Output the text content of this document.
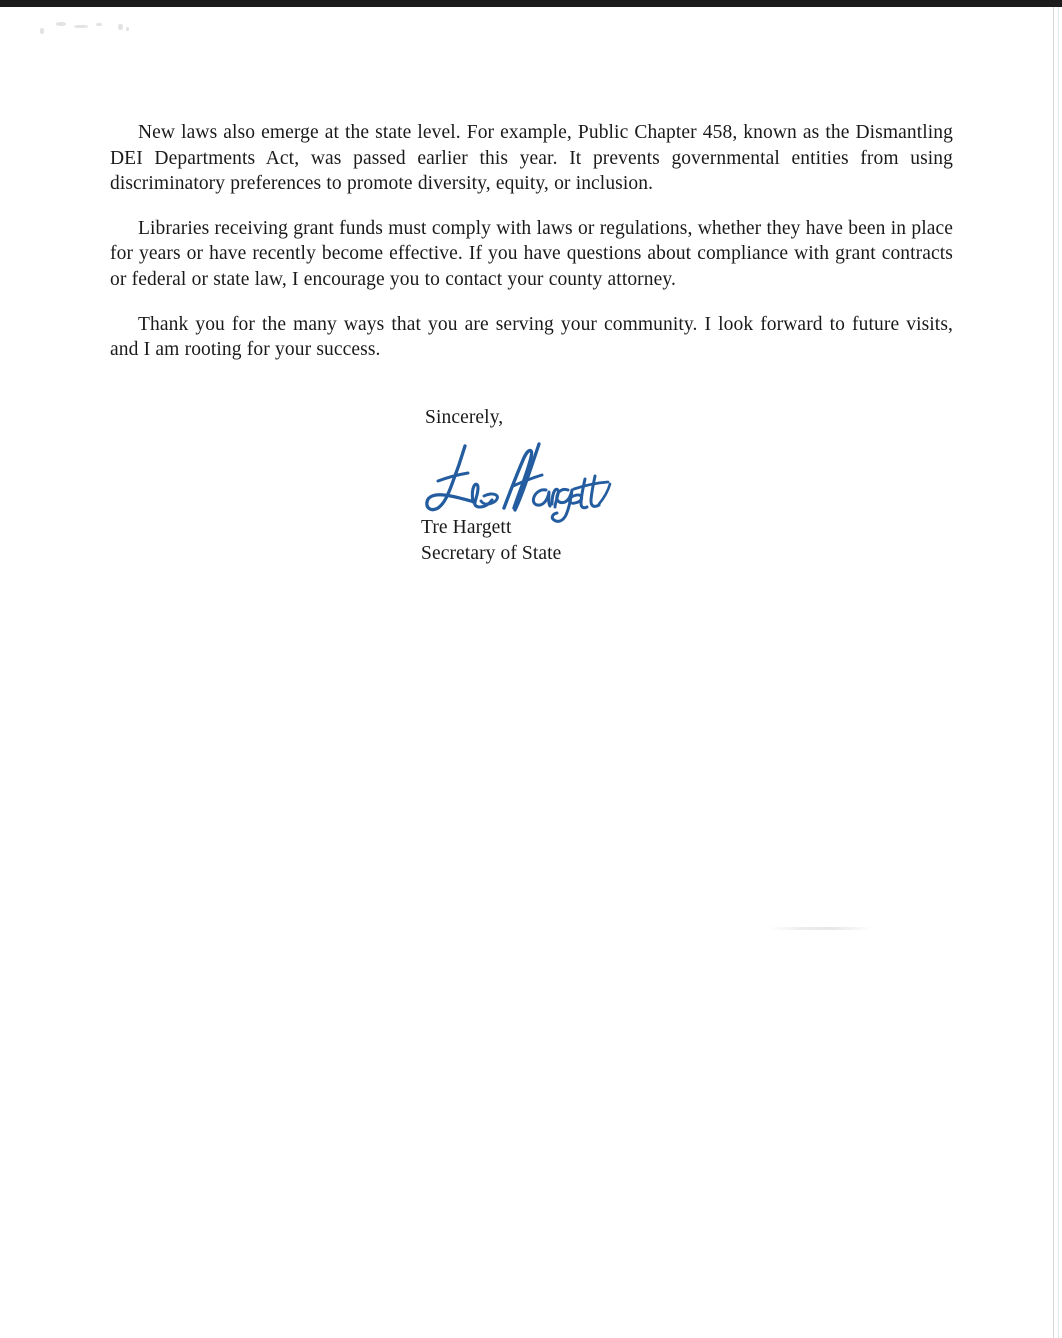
New laws also emerge at the state level. For example, Public Chapter 458, known as the Dismantling DEI Departments Act, was passed earlier this year. It prevents governmental entities from using discriminatory preferences to promote diversity, equity, or inclusion.

Libraries receiving grant funds must comply with laws or regulations, whether they have been in place for years or have recently become effective. If you have questions about compliance with grant contracts or federal or state law, I encourage you to contact your county attorney.

Thank you for the many ways that you are serving your community. I look forward to future visits, and I am rooting for your success.

Sincerely,
Tre Hargett
Secretary of State
